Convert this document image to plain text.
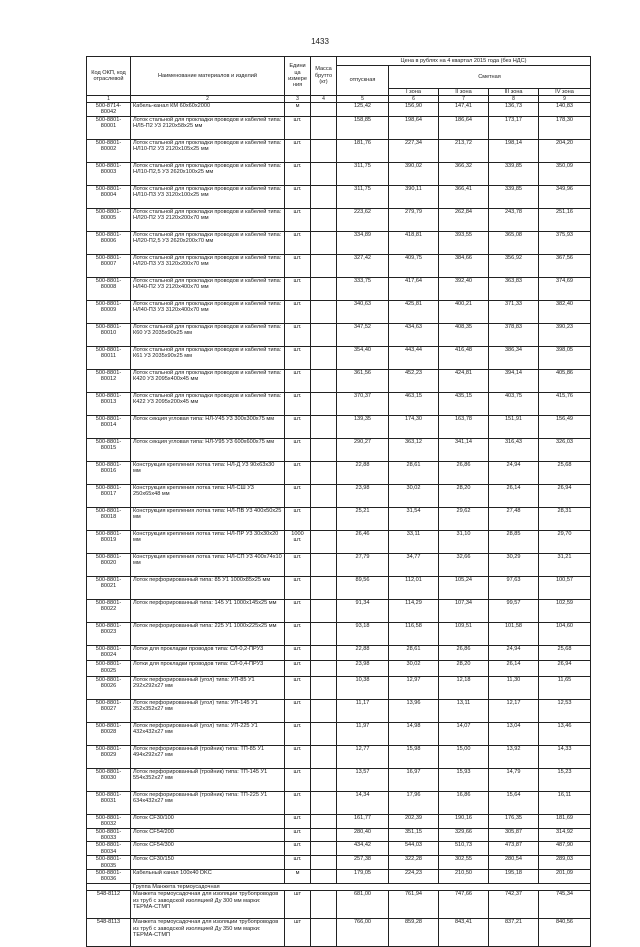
1433
Код ОКП, код отраслевой	Наименование материалов и изделий	Едини ца измере ния	Масса брутто (кг)	Цена в рублях на 4 квартал 2015 года (без НДС)				
				отпускная	Сметная			
					I зона	II зона	III зона	IV зона
1	2	3	4	5	6	7	8	9
500-8714-80042	Кабель-канал КМ 60х60х2000	м		125,42	156,90	147,41	136,73	140,83
500-8801-80001	Лоток стальной для прокладки проводов и кабелей типа: НЛ5-П2 У3 2120х58х25 мм	шт.		158,85	198,64	186,64	173,17	178,30
500-8801-80002	Лоток стальной для прокладки проводов и кабелей типа: НЛ10-П2 У3 2120х105х25 мм	шт.		181,76	227,34	213,72	198,14	204,20
500-8801-80003	Лоток стальной для прокладки проводов и кабелей типа: НЛ10-П2,5 У3 2620х100х25 мм	шт.		311,75	390,02	366,32	339,85	350,09
500-8801-80004	Лоток стальной для прокладки проводов и кабелей типа: НЛ10-П3 У3 3120х100х25 мм	шт.		311,75	390,11	366,41	339,85	349,96
500-8801-80005	Лоток стальной для прокладки проводов и кабелей типа: НЛ20-П2 У3 2120х200х70 мм	шт.		223,62	279,79	262,84	243,78	251,16
500-8801-80006	Лоток стальной для прокладки проводов и кабелей типа: НЛ20-П2,5 У3 2620х200х70 мм	шт.		334,89	418,81	393,55	365,08	375,93
500-8801-80007	Лоток стальной для прокладки проводов и кабелей типа: НЛ20-П3 У3 3120х200х70 мм	шт.		327,42	409,75	384,66	356,92	367,56
500-8801-80008	Лоток стальной для прокладки проводов и кабелей типа: НЛ40-П2 У3 2120х400х70 мм	шт.		333,75	417,64	392,40	363,83	374,69
500-8801-80009	Лоток стальной для прокладки проводов и кабелей типа: НЛ40-П3 У3 3120х400х70 мм	шт.		340,63	425,81	400,21	371,33	382,40
500-8801-80010	Лоток стальной для прокладки проводов и кабелей типа: К60 У3 2035х90х25 мм	шт.		347,52	434,63	408,35	378,83	390,23
500-8801-80011	Лоток стальной для прокладки проводов и кабелей типа: К61 У3 2035х90х25 мм	шт.		354,40	443,44	416,48	386,34	398,05
500-8801-80012	Лоток стальной для прокладки проводов и кабелей типа: К420 У3 2095х400х45 мм	шт.		361,56	452,23	424,81	394,14	405,86
500-8801-80013	Лоток стальной для прокладки проводов и кабелей типа: К422 У3 2095х200х45 мм	шт.		370,37	463,15	435,15	403,75	415,76
500-8801-80014	Лоток секция угловая типа: НЛ-У45 У3 300х300х75 мм	шт.		139,35	174,30	163,78	151,91	156,49
500-8801-80015	Лоток секция угловая типа: НЛ-У95 У3 600х600х75 мм	шт.		290,27	363,12	341,14	316,43	326,03
500-8801-80016	Конструкция крепления лотка типа: НЛ-Д У3 90х63х30 мм	шт.		22,88	28,61	26,86	24,94	25,68
500-8801-80017	Конструкция крепления лотка типа: НЛ-СШ У3 250х65х48 мм	шт.		23,98	30,02	28,20	26,14	26,94
500-8801-80018	Конструкция крепления лотка типа: НЛ-ПВ У3 400х50х25 мм	шт.		25,21	31,54	29,62	27,48	28,31
500-8801-80019	Конструкция крепления лотка типа: НЛ-ПР У3 30х30х20 мм	1000 шт.		26,46	33,11	31,10	28,85	29,70
500-8801-80020	Конструкция крепления лотка типа: НЛ-СП У3 400х74х10 мм	шт.		27,79	34,77	32,66	30,29	31,21
500-8801-80021	Лоток перфорированный типа: 85 У1 1000х85х25 мм	шт.		89,56	112,01	105,24	97,63	100,57
500-8801-80022	Лоток перфорированный типа: 145 У1 1000х145х25 мм	шт.		91,34	114,29	107,34	99,57	102,59
500-8801-80023	Лоток перфорированный типа: 225 У1 1000х225х25 мм	шт.		93,18	116,58	109,51	101,58	104,60
500-8801-80024	Лотки для прокладки проводов типа: СЛ-0,2-ПРУ3	шт.		22,88	28,61	26,86	24,94	25,68
500-8801-80025	Лотки для прокладки проводов типа: СЛ-0,4-ПРУ3	шт.		23,98	30,02	28,20	26,14	26,94
500-8801-80026	Лоток перфорированный (угол) типа: УП-85 У1 292х292х27 мм	шт.		10,38	12,97	12,18	11,30	11,65
500-8801-80027	Лоток перфорированный (угол) типа: УП-145 У1 352х352х27 мм	шт.		11,17	13,96	13,11	12,17	12,53
500-8801-80028	Лоток перфорированный (угол) типа: УП-225 У1 432х432х27 мм	шт.		11,97	14,98	14,07	13,04	13,46
500-8801-80029	Лоток перфорированный (тройник) типа: ТП-85 У1 494х292х27 мм	шт.		12,77	15,98	15,00	13,92	14,33
500-8801-80030	Лоток перфорированный (тройник) типа: ТП-145 У1 554х352х27 мм	шт.		13,57	16,97	15,93	14,79	15,23
500-8801-80031	Лоток перфорированный (тройник) типа: ТП-225 У1 634х432х27 мм	шт.		14,34	17,96	16,86	15,64	16,11
500-8801-80032	Лоток CF30/100	шт.		161,77	202,39	190,16	176,35	181,69
500-8801-80033	Лоток CF54/200	шт.		280,40	351,15	329,66	305,87	314,92
500-8801-80034	Лоток CF54/300	шт.		434,42	544,03	510,73	473,87	487,90
500-8801-80035	Лоток CF30/150	шт.		257,38	322,28	302,55	280,54	289,03
500-8801-80036	Кабельный канал 100х40 DKC	м		179,05	224,23	210,50	195,18	201,09
	Группа Манжета термоусадочная							
548-8112	Манжета термоусадочная для изоляции трубопроводов из труб с заводской изоляцией Ду 300 мм марки: ТЕРМА-СТМП	шт		681,00	761,94	747,66	742,37	745,34
548-8113	Манжета термоусадочная для изоляции трубопроводов из труб с заводской изоляцией Ду 350 мм марки: ТЕРМА-СТМП	шт		766,00	859,28	843,41	837,21	840,56
